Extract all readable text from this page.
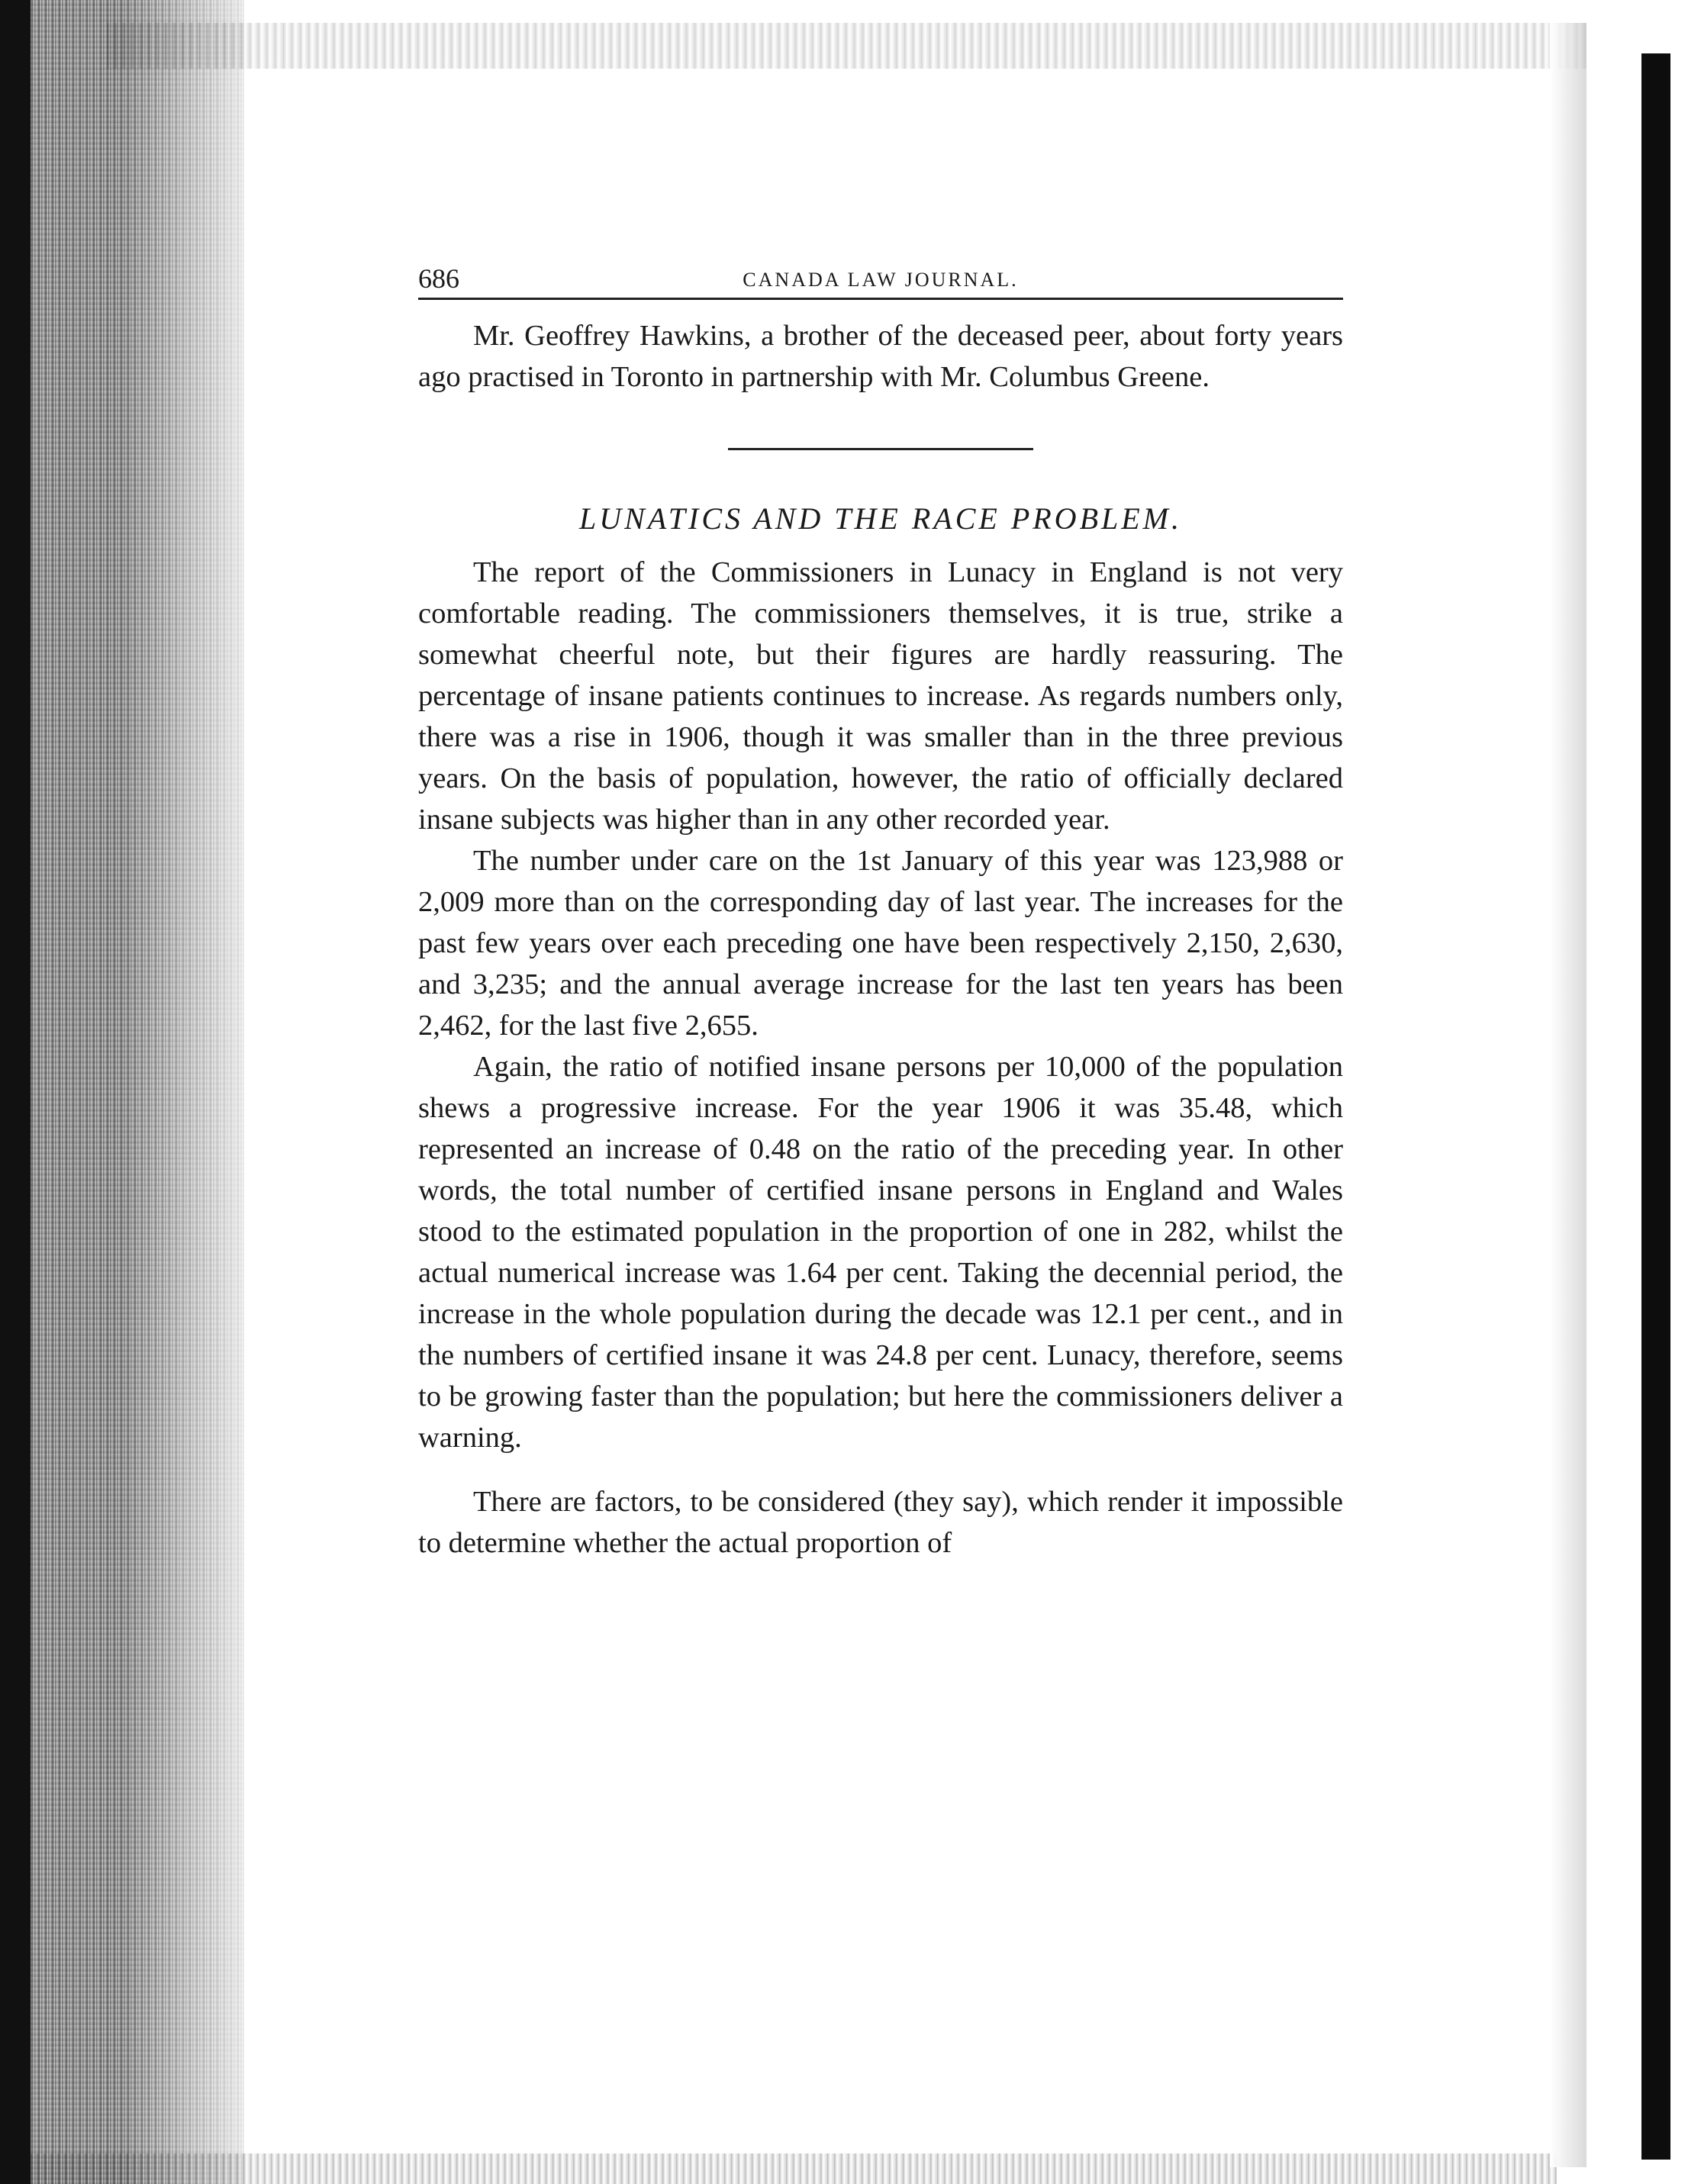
686	CANADA LAW JOURNAL.

Mr. Geoffrey Hawkins, a brother of the deceased peer, about forty years ago practised in Toronto in partnership with Mr. Columbus Greene.

LUNATICS AND THE RACE PROBLEM.

The report of the Commissioners in Lunacy in England is not very comfortable reading. The commissioners themselves, it is true, strike a somewhat cheerful note, but their figures are hardly reassuring. The percentage of insane patients continues to increase. As regards numbers only, there was a rise in 1906, though it was smaller than in the three previous years. On the basis of population, however, the ratio of officially declared insane subjects was higher than in any other recorded year.

The number under care on the 1st January of this year was 123,988 or 2,009 more than on the corresponding day of last year. The increases for the past few years over each preceding one have been respectively 2,150, 2,630, and 3,235; and the annual average increase for the last ten years has been 2,462, for the last five 2,655.

Again, the ratio of notified insane persons per 10,000 of the population shews a progressive increase. For the year 1906 it was 35.48, which represented an increase of 0.48 on the ratio of the preceding year. In other words, the total number of certified insane persons in England and Wales stood to the estimated population in the proportion of one in 282, whilst the actual numerical increase was 1.64 per cent. Taking the decennial period, the increase in the whole population during the decade was 12.1 per cent., and in the numbers of certified insane it was 24.8 per cent. Lunacy, therefore, seems to be growing faster than the population; but here the commissioners deliver a warning.

There are factors, to be considered (they say), which render it impossible to determine whether the actual proportion of
